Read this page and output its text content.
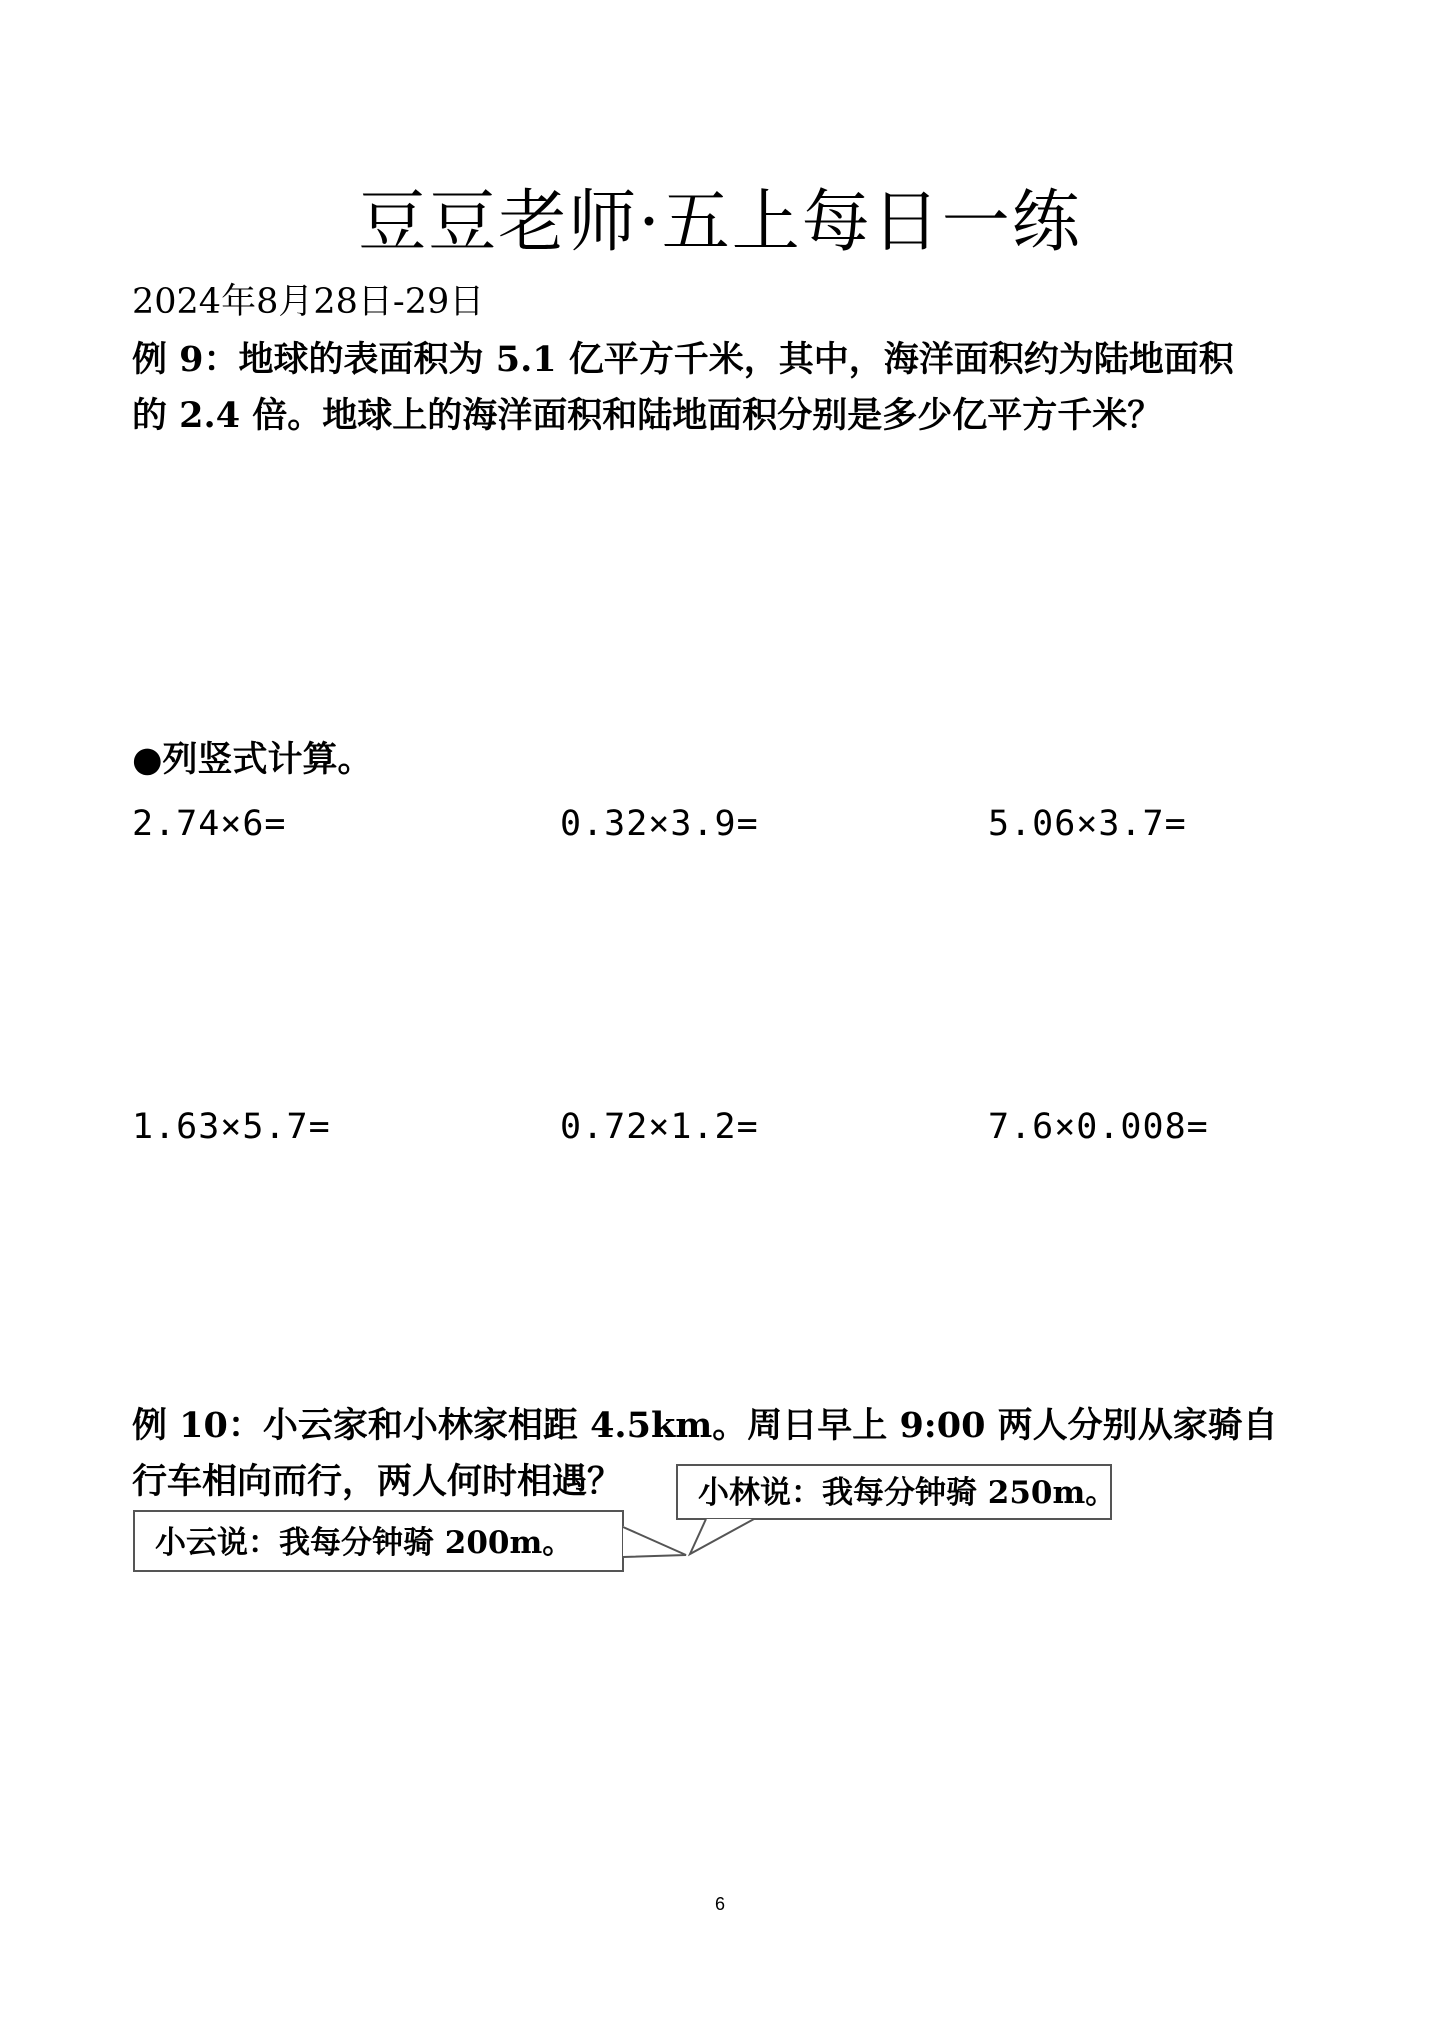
豆豆老师·五上每日一练
2024年8月28日-29日
例 9：地球的表面积为 5.1 亿平方千米，其中，海洋面积约为陆地面积
的 2.4 倍。地球上的海洋面积和陆地面积分别是多少亿平方千米？
●列竖式计算。
2.74×6=	0.32×3.9=	5.06×3.7=
1.63×5.7=	0.72×1.2=	7.6×0.008=
例 10：小云家和小林家相距 4.5km。周日早上 9:00 两人分别从家骑自
行车相向而行，两人何时相遇？	小林说：我每分钟骑 250m。
小云说：我每分钟骑 200m。
6
